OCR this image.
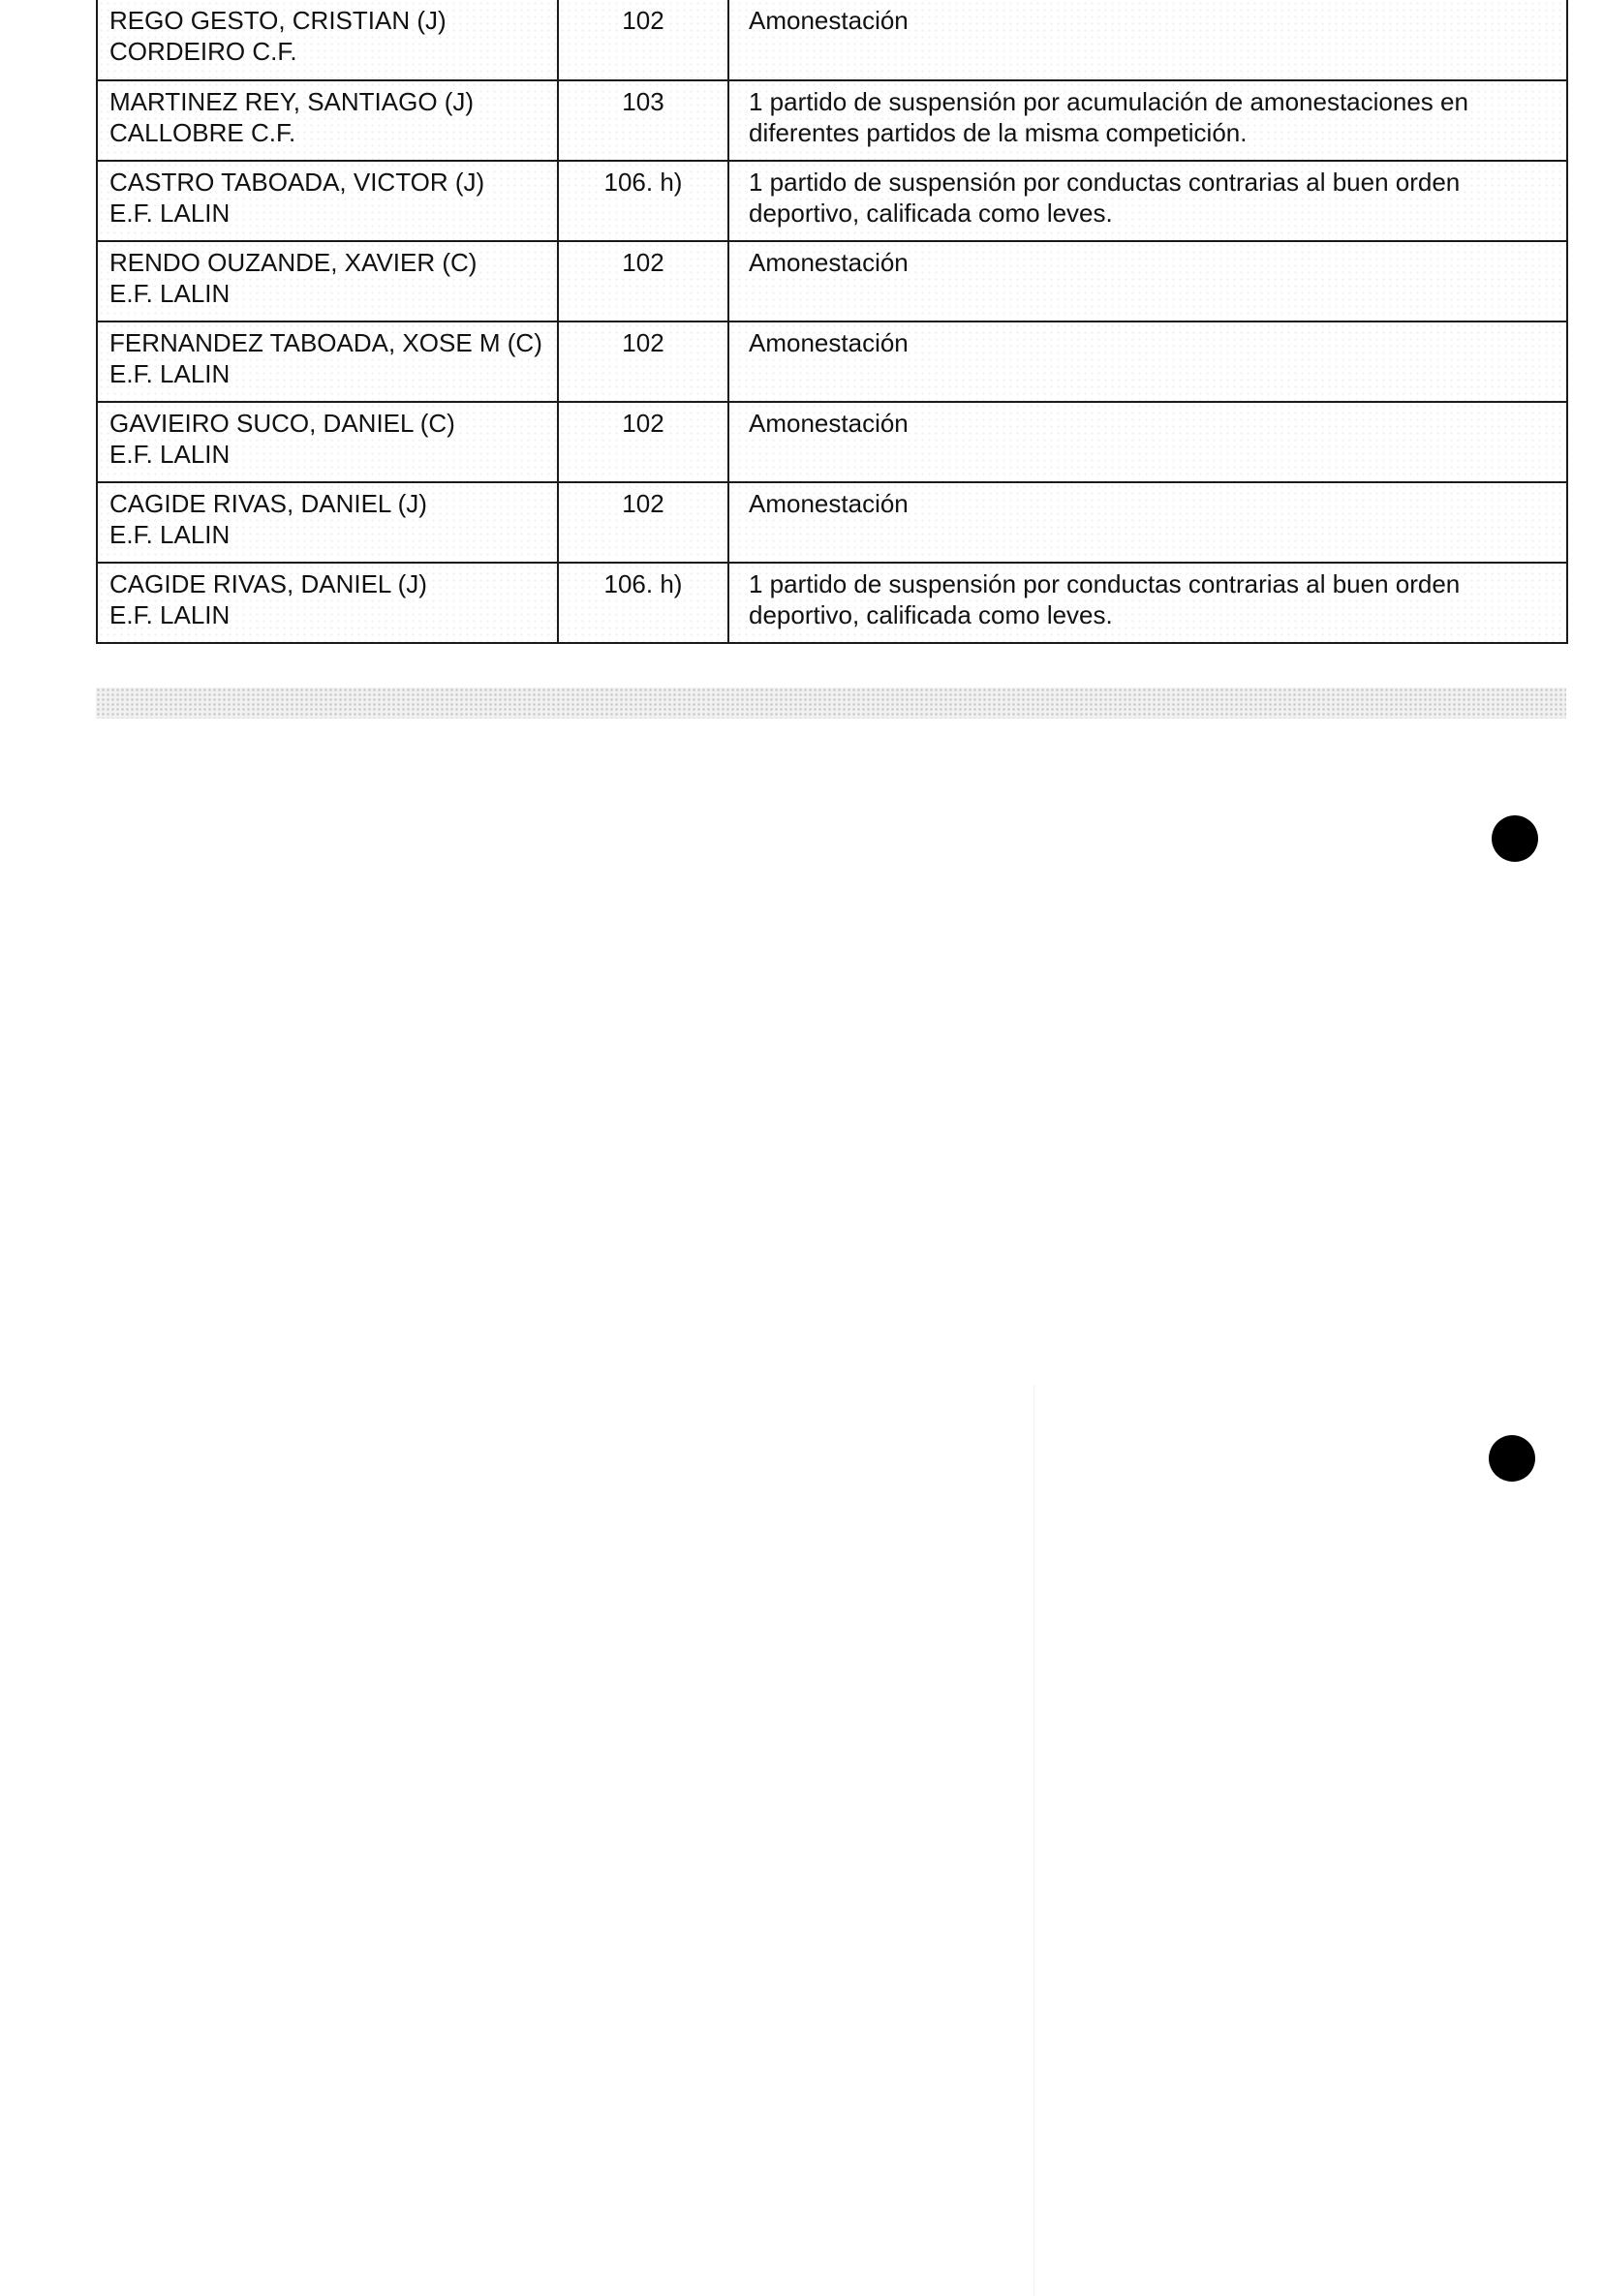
REGO GESTO, CRISTIAN (J)
CORDEIRO C.F.	102	Amonestación

MARTINEZ REY, SANTIAGO (J)
CALLOBRE C.F.	103	1 partido de suspensión por acumulación de amonestaciones en diferentes partidos de la misma competición.

CASTRO TABOADA, VICTOR (J)
E.F. LALIN	106. h)	1 partido de suspensión por conductas contrarias al buen orden deportivo, calificada como leves.

RENDO OUZANDE, XAVIER (C)
E.F. LALIN	102	Amonestación

FERNANDEZ TABOADA, XOSE M (C)
E.F. LALIN	102	Amonestación

GAVIEIRO SUCO, DANIEL (C)
E.F. LALIN	102	Amonestación

CAGIDE RIVAS, DANIEL (J)
E.F. LALIN	102	Amonestación

CAGIDE RIVAS, DANIEL (J)
E.F. LALIN	106. h)	1 partido de suspensión por conductas contrarias al buen orden deportivo, calificada como leves.
